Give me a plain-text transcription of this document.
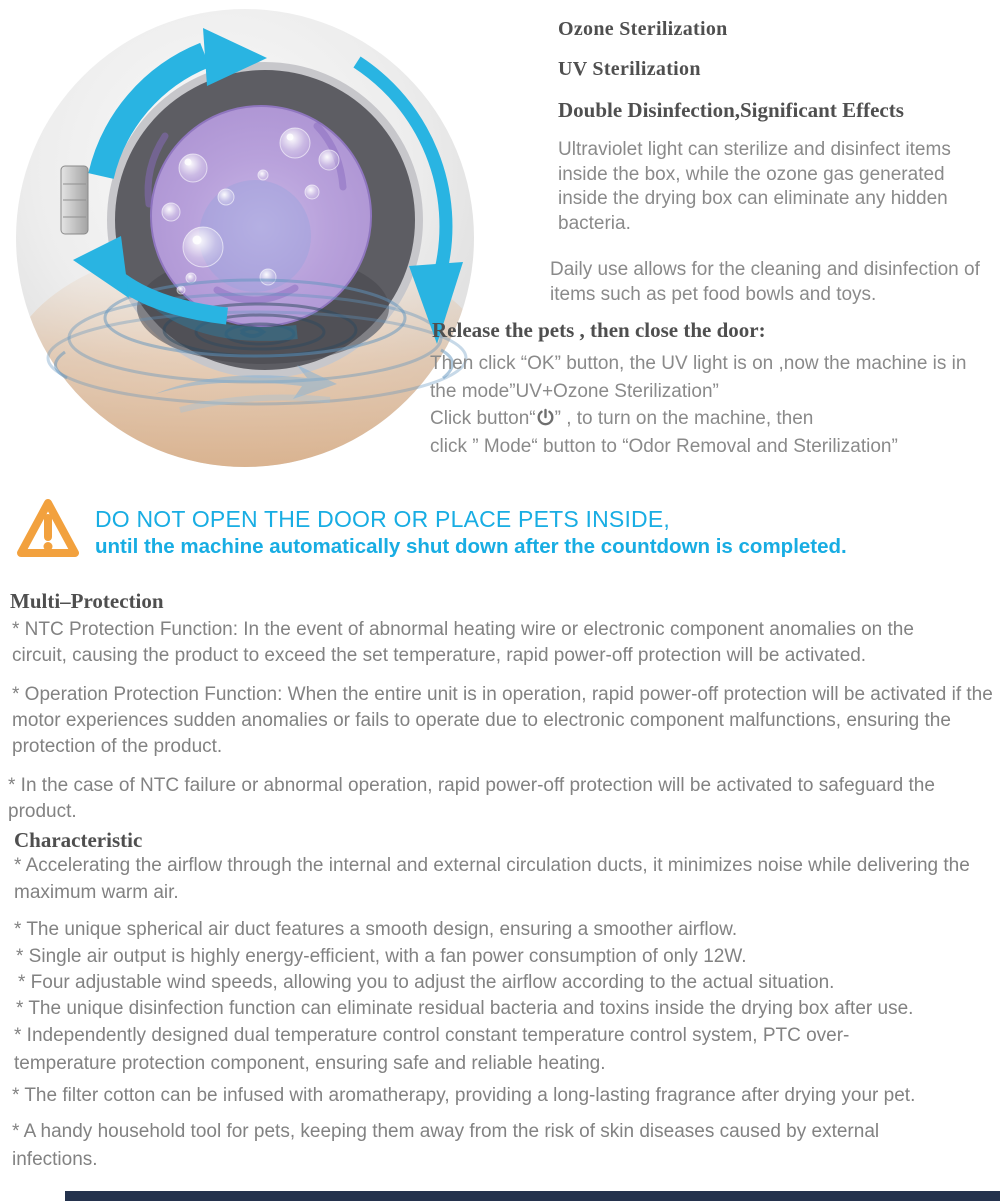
Ozone Sterilization
UV Sterilization
Double Disinfection,Significant Effects
Ultraviolet light can sterilize and disinfect items inside the box, while the ozone gas generated inside the drying box can eliminate any hidden bacteria.
Daily use allows for the cleaning and disinfection of items such as pet food bowls and toys.
Release the pets , then close the door:
Then click “OK” button, the UV light is on ,now the machine is in
the mode”UV+Ozone Sterilization”
Click button“ ” , to turn on the machine, then
click ” Mode“ button to “Odor Removal and Sterilization”
DO NOT OPEN THE DOOR OR PLACE PETS INSIDE,
until the machine automatically shut down after the countdown is completed.
Multi–Protection
* NTC Protection Function: In the event of abnormal heating wire or electronic component anomalies on the circuit, causing the product to exceed the set temperature, rapid power-off protection will be activated.
* Operation Protection Function: When the entire unit is in operation, rapid power-off protection will be activated if the motor experiences sudden anomalies or fails to operate due to electronic component malfunctions, ensuring the protection of the product.
* In the case of NTC failure or abnormal operation, rapid power-off protection will be activated to safeguard the product.
Characteristic
* Accelerating the airflow through the internal and external circulation ducts, it minimizes noise while delivering the maximum warm air.
* The unique spherical air duct features a smooth design, ensuring a smoother airflow.
* Single air output is highly energy-efficient, with a fan power consumption of only 12W.
* Four adjustable wind speeds, allowing you to adjust the airflow according to the actual situation.
* The unique disinfection function can eliminate residual bacteria and toxins inside the drying box after use.
* Independently designed dual temperature control constant temperature control system, PTC over-temperature protection component, ensuring safe and reliable heating.
* The filter cotton can be infused with aromatherapy, providing a long-lasting fragrance after drying your pet.
* A handy household tool for pets, keeping them away from the risk of skin diseases caused by external infections.
